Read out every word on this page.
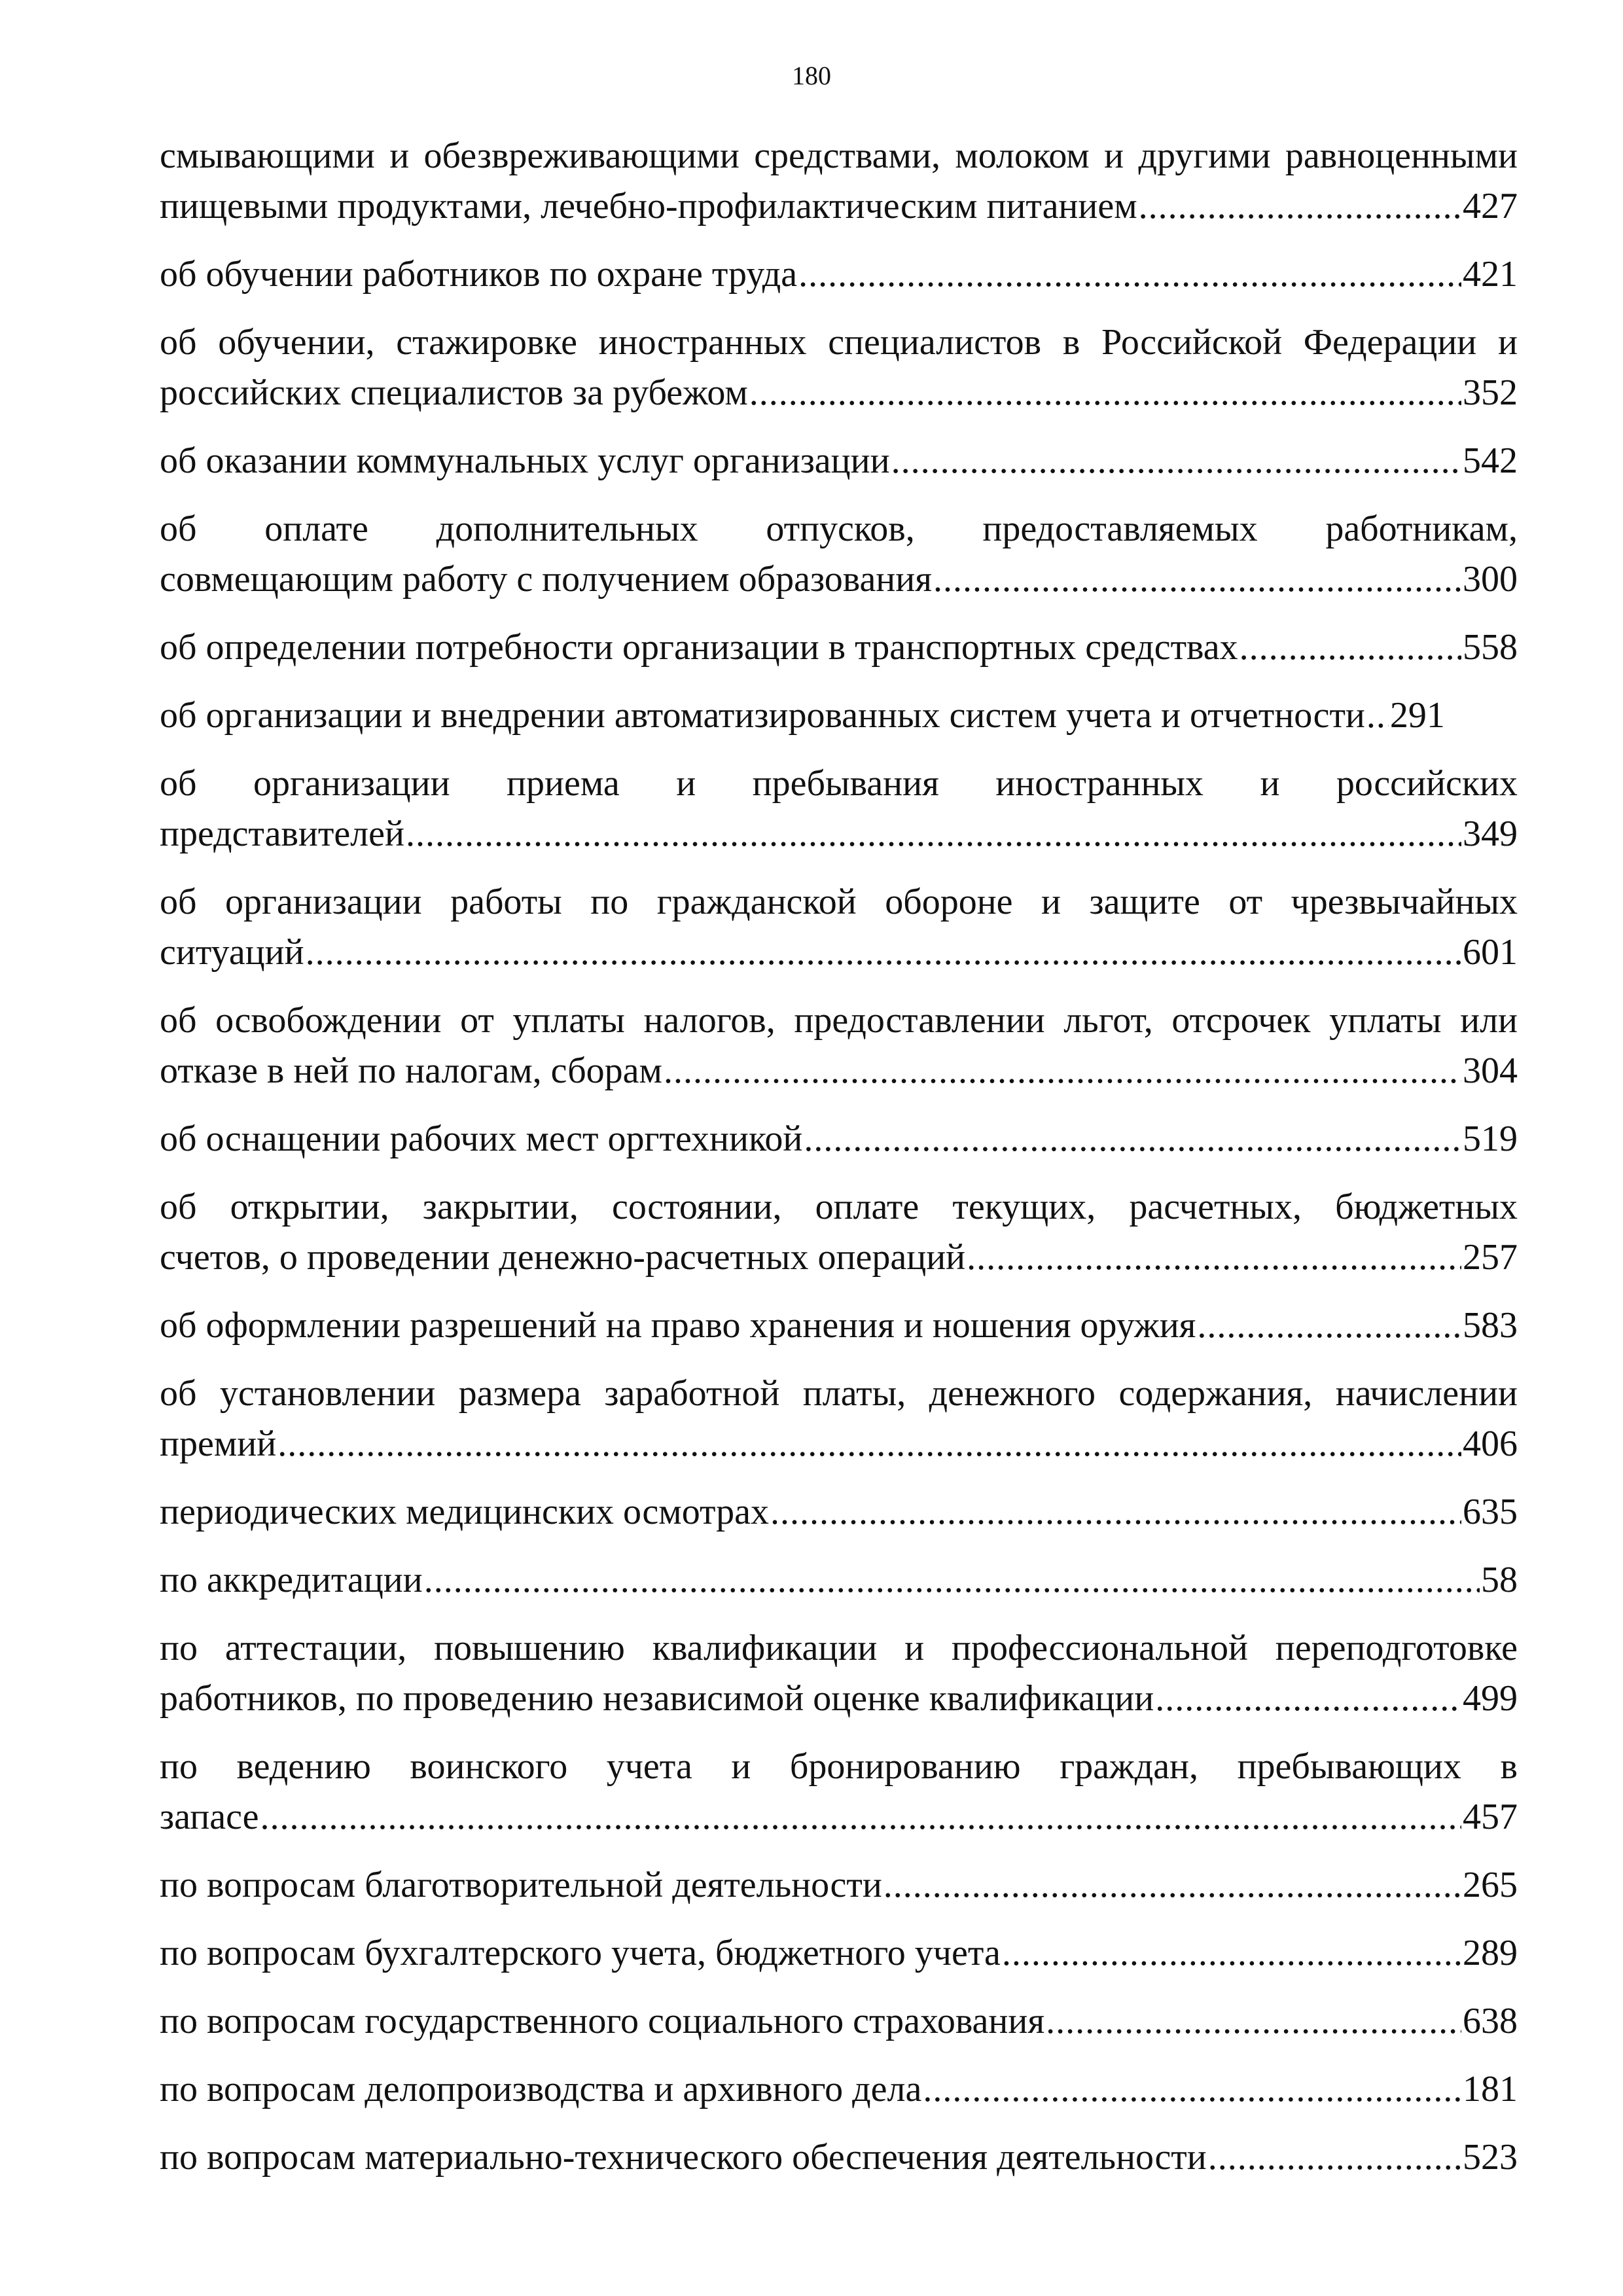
180
смывающими и обезвреживающими средствами, молоком и другими равноценными
пищевыми продуктами, лечебно-профилактическим питанием .....	427
об обучении работников по охране труда .....	421
об обучении, стажировке иностранных специалистов в Российской Федерации и
российских специалистов за рубежом .....	352
об оказании коммунальных услуг организации .....	542
об оплате дополнительных отпусков, предоставляемых работникам,
совмещающим работу с получением образования .....	300
об определении потребности организации в транспортных средствах .....	558
об организации и внедрении автоматизированных систем учета и отчетности ..... 291
об организации приема и пребывания иностранных и российских
представителей .....	349
об организации работы по гражданской обороне и защите от чрезвычайных
ситуаций .....	601
об освобождении от уплаты налогов, предоставлении льгот, отсрочек уплаты или
отказе в ней по налогам, сборам .....	304
об оснащении рабочих мест оргтехникой .....	519
об открытии, закрытии, состоянии, оплате текущих, расчетных, бюджетных
счетов, о проведении денежно-расчетных операций .....	257
об оформлении разрешений на право хранения и ношения оружия .....	583
об установлении размера заработной платы, денежного содержания, начислении
премий .....	406
периодических медицинских осмотрах .....	635
по аккредитации .....	58
по аттестации, повышению квалификации и профессиональной переподготовке
работников, по проведению независимой оценке квалификации .....	499
по ведению воинского учета и бронированию граждан, пребывающих в
запасе .....	457
по вопросам благотворительной деятельности .....	265
по вопросам бухгалтерского учета, бюджетного учета .....	289
по вопросам государственного социального страхования .....	638
по вопросам делопроизводства и архивного дела .....	181
по вопросам материально-технического обеспечения деятельности .....	523
